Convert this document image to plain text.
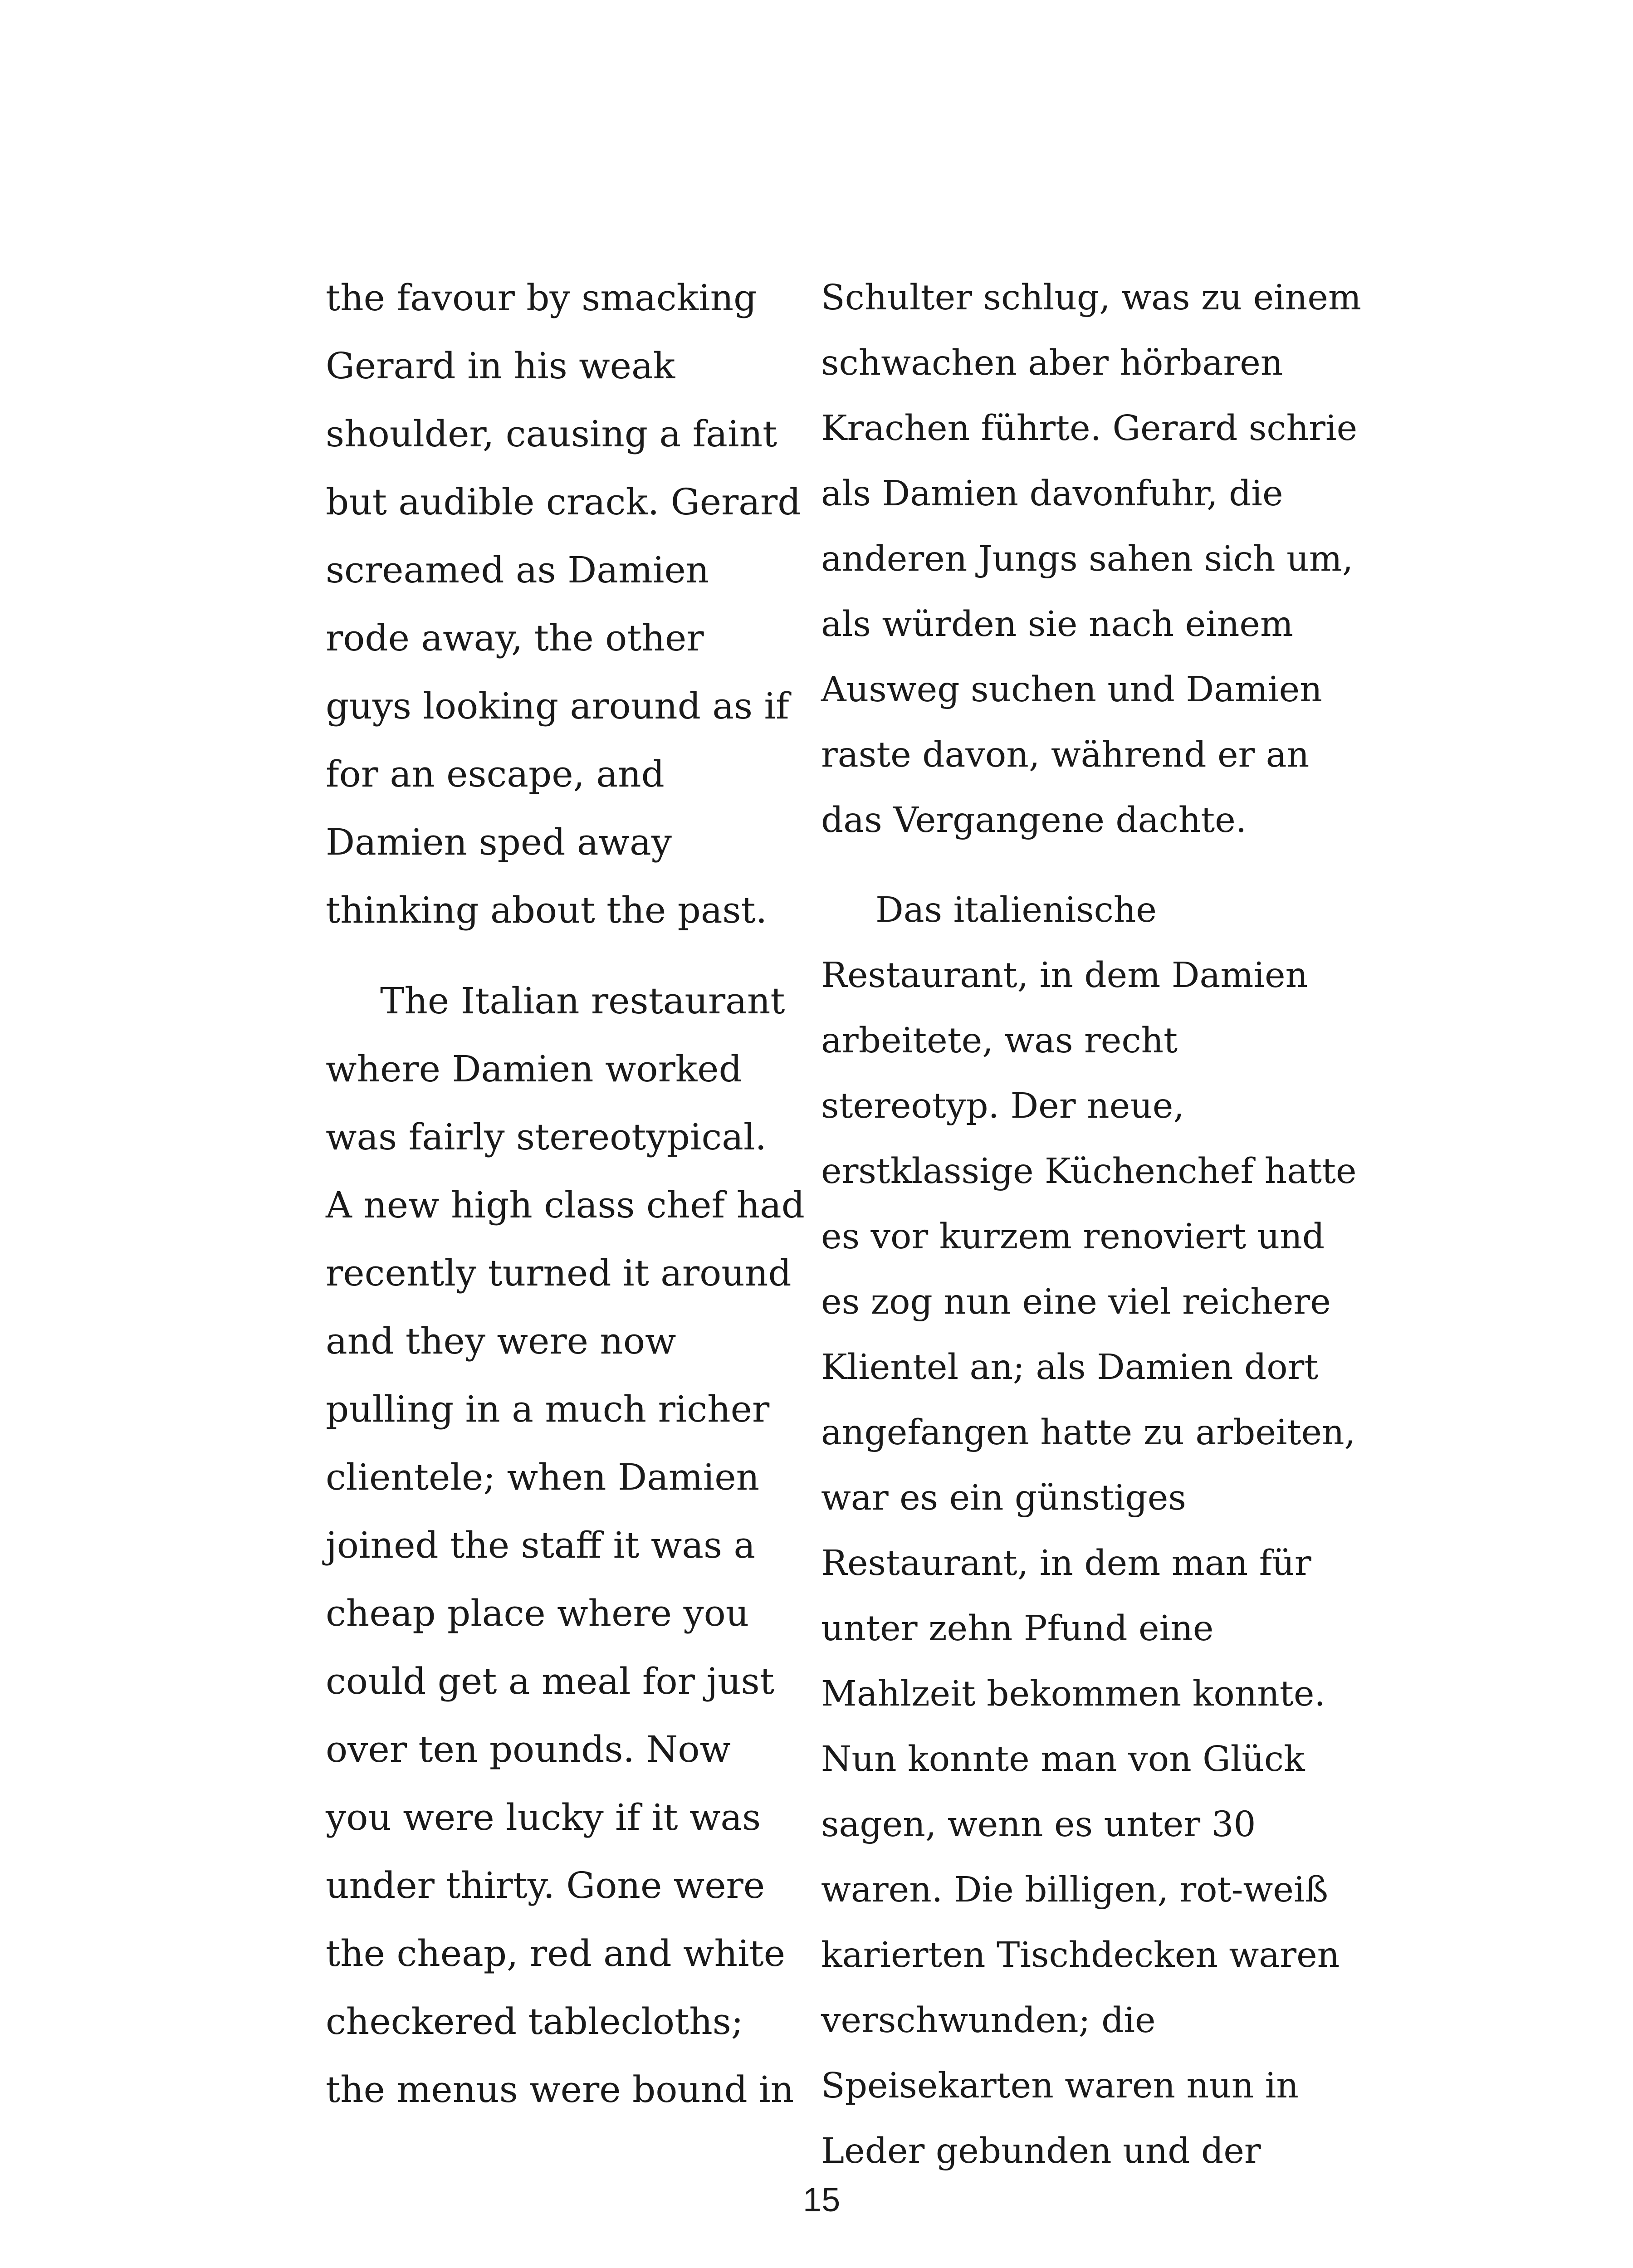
the favour by smacking
Gerard in his weak
shoulder, causing a faint
but audible crack. Gerard
screamed as Damien
rode away, the other
guys looking around as if
for an escape, and
Damien sped away
thinking about the past.
The Italian restaurant
where Damien worked
was fairly stereotypical.
A new high class chef had
recently turned it around
and they were now
pulling in a much richer
clientele; when Damien
joined the staff it was a
cheap place where you
could get a meal for just
over ten pounds. Now
you were lucky if it was
under thirty. Gone were
the cheap, red and white
checkered tablecloths;
the menus were bound in
Schulter schlug, was zu einem
schwachen aber hörbaren
Krachen führte. Gerard schrie
als Damien davonfuhr, die
anderen Jungs sahen sich um,
als würden sie nach einem
Ausweg suchen und Damien
raste davon, während er an
das Vergangene dachte.
Das italienische
Restaurant, in dem Damien
arbeitete, was recht
stereotyp. Der neue,
erstklassige Küchenchef hatte
es vor kurzem renoviert und
es zog nun eine viel reichere
Klientel an; als Damien dort
angefangen hatte zu arbeiten,
war es ein günstiges
Restaurant, in dem man für
unter zehn Pfund eine
Mahlzeit bekommen konnte.
Nun konnte man von Glück
sagen, wenn es unter 30
waren. Die billigen, rot-weiß
karierten Tischdecken waren
verschwunden; die
Speisekarten waren nun in
Leder gebunden und der
15
